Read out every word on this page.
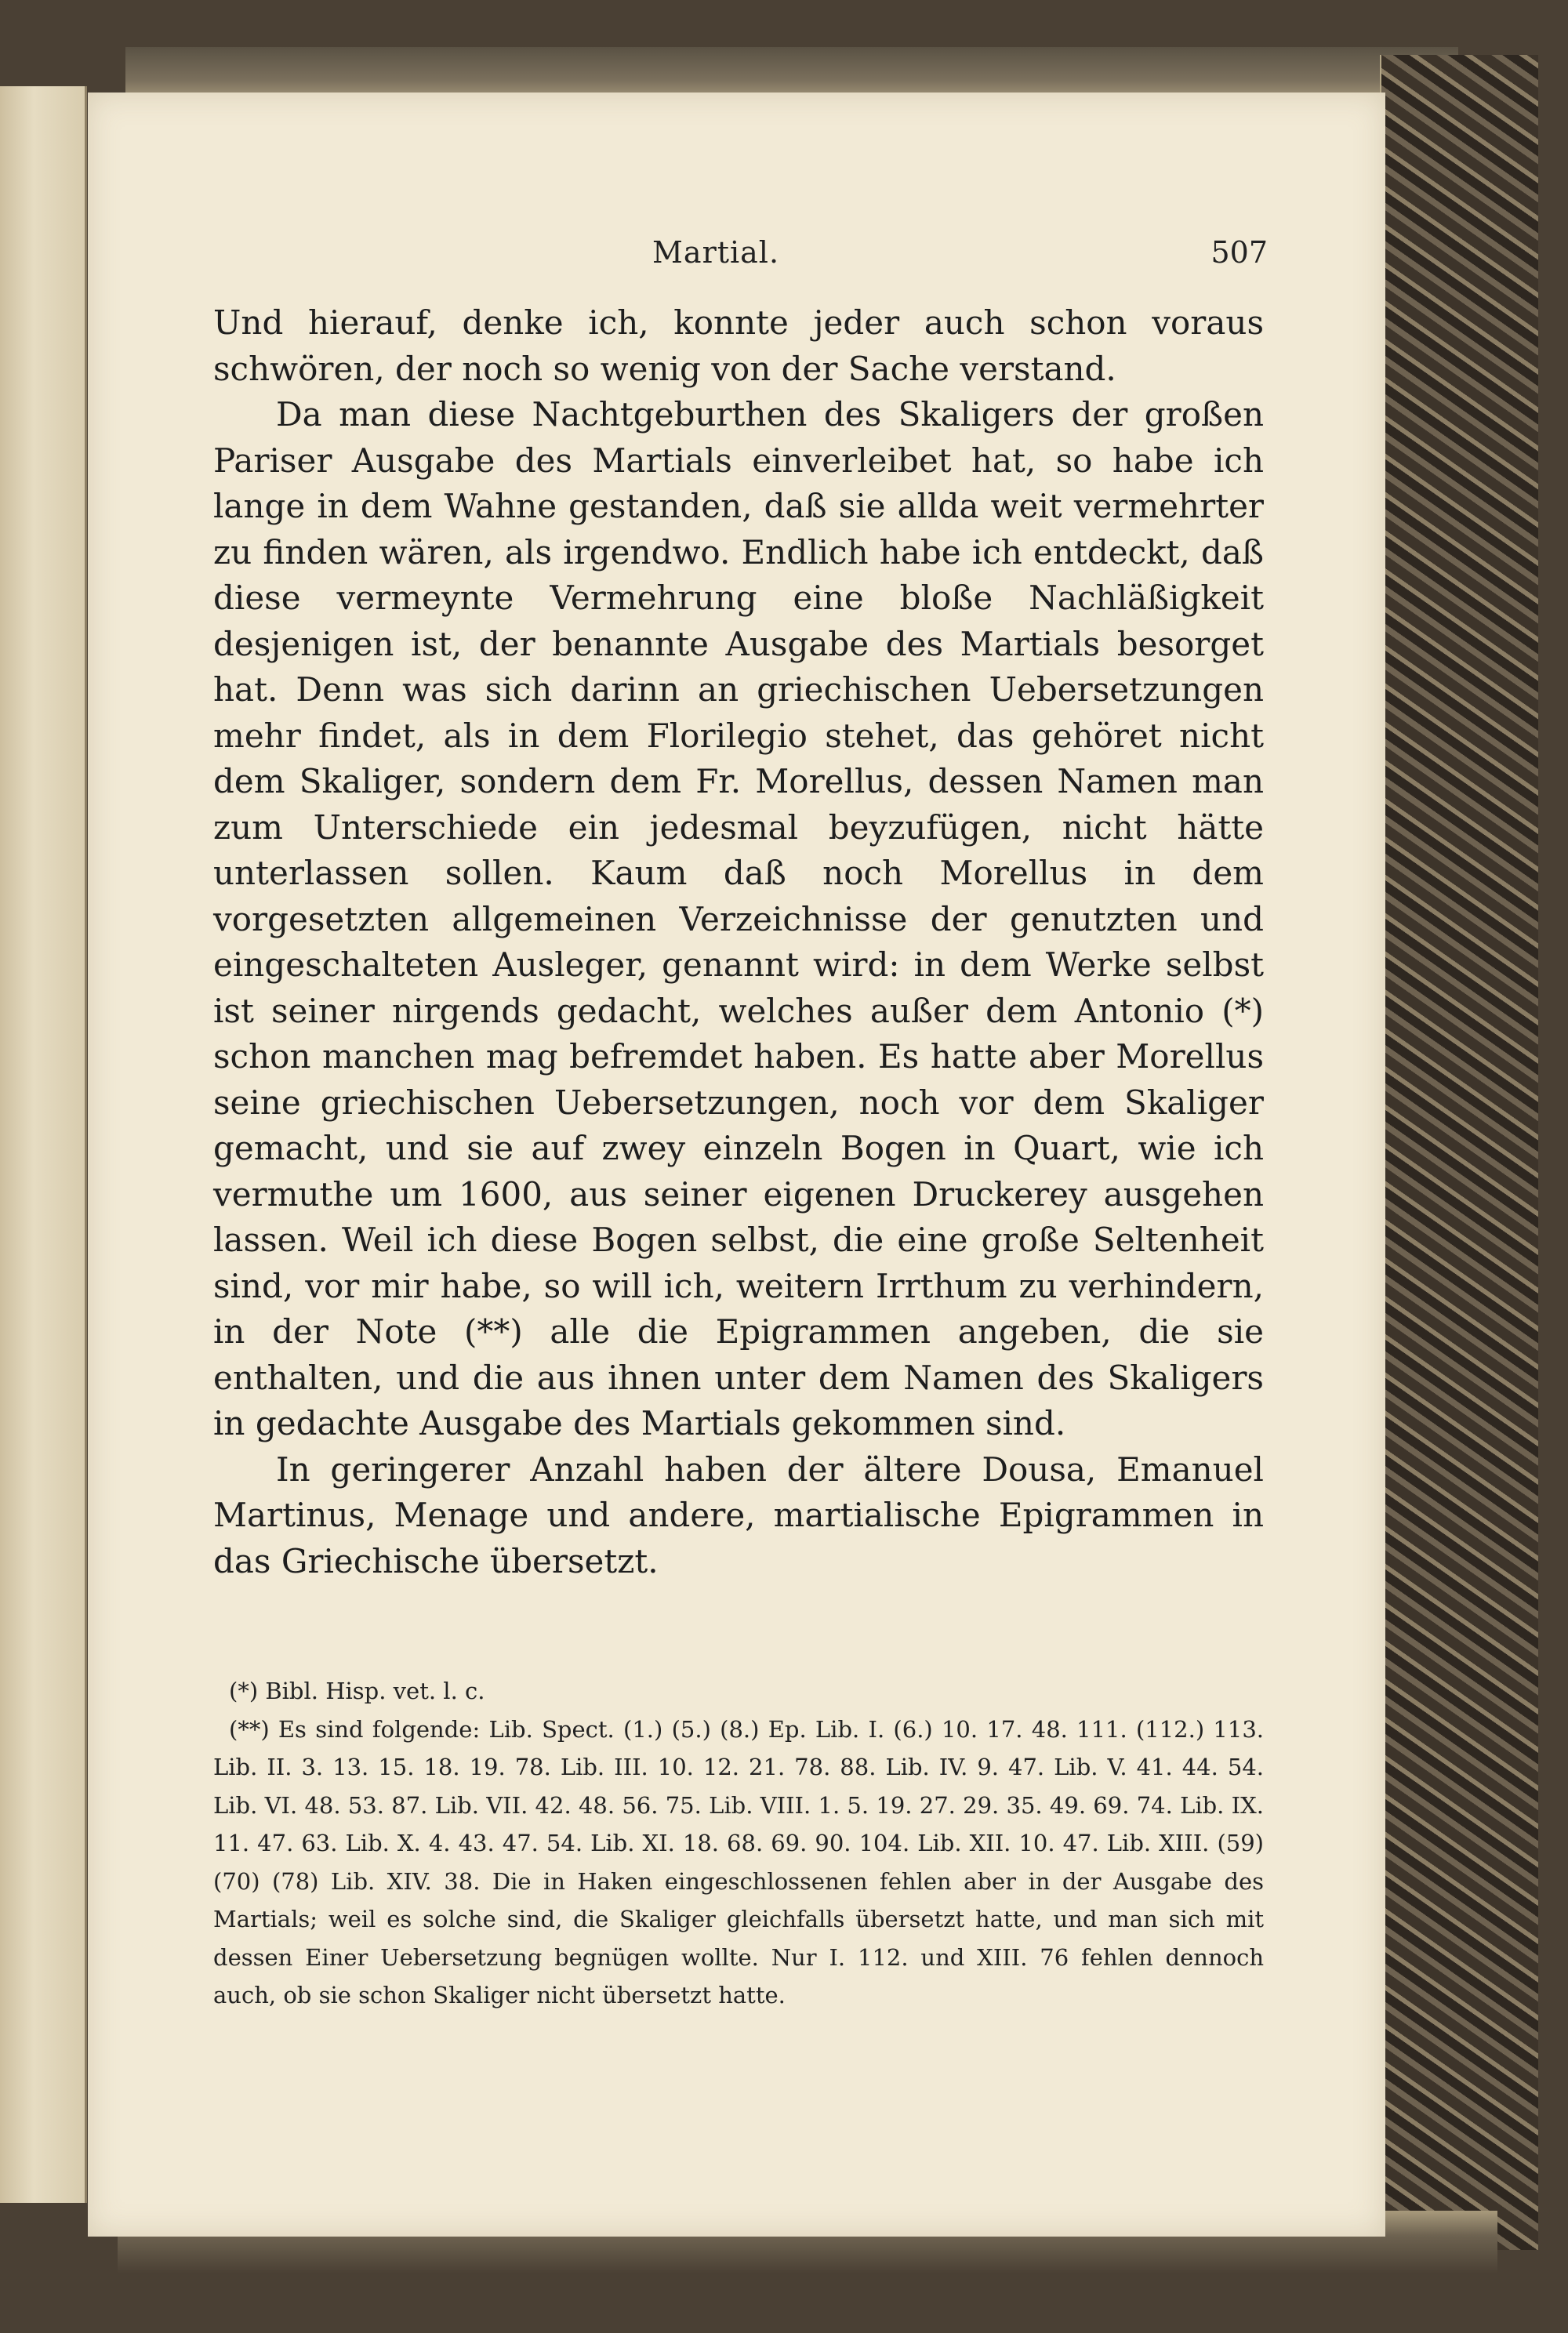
Martial.	507

Und hierauf, denke ich, konnte jeder auch schon voraus schwören, der noch so wenig von der Sache verstand.

Da man diese Nachtgeburthen des Skaligers der großen Pariser Ausgabe des Martials einverleibet hat, so habe ich lange in dem Wahne gestanden, daß sie allda weit vermehrter zu finden wären, als irgendwo. Endlich habe ich entdeckt, daß diese vermeynte Vermehrung eine bloße Nachläßigkeit desjenigen ist, der benannte Ausgabe des Martials besorget hat. Denn was sich darinn an griechischen Uebersetzungen mehr findet, als in dem Florilegio stehet, das gehöret nicht dem Skaliger, sondern dem Fr. Morellus, dessen Namen man zum Unterschiede ein jedesmal beyzufügen, nicht hätte unterlassen sollen. Kaum daß noch Morellus in dem vorgesetzten allgemeinen Verzeichnisse der genutzten und eingeschalteten Ausleger, genannt wird: in dem Werke selbst ist seiner nirgends gedacht, welches außer dem Antonio (*) schon manchen mag befremdet haben. Es hatte aber Morellus seine griechischen Uebersetzungen, noch vor dem Skaliger gemacht, und sie auf zwey einzeln Bogen in Quart, wie ich vermuthe um 1600, aus seiner eigenen Druckerey ausgehen lassen. Weil ich diese Bogen selbst, die eine große Seltenheit sind, vor mir habe, so will ich, weitern Irrthum zu verhindern, in der Note (**) alle die Epigrammen angeben, die sie enthalten, und die aus ihnen unter dem Namen des Skaligers in gedachte Ausgabe des Martials gekommen sind.

In geringerer Anzahl haben der ältere Dousa, Emanuel Martinus, Menage und andere, martialische Epigrammen in das Griechische übersetzt.

(*) Bibl. Hisp. vet. l. c.

(**) Es sind folgende: Lib. Spect. (1.) (5.) (8.) Ep. Lib. I. (6.) 10. 17. 48. 111. (112.) 113. Lib. II. 3. 13. 15. 18. 19. 78. Lib. III. 10. 12. 21. 78. 88. Lib. IV. 9. 47. Lib. V. 41. 44. 54. Lib. VI. 48. 53. 87. Lib. VII. 42. 48. 56. 75. Lib. VIII. 1. 5. 19. 27. 29. 35. 49. 69. 74. Lib. IX. 11. 47. 63. Lib. X. 4. 43. 47. 54. Lib. XI. 18. 68. 69. 90. 104. Lib. XII. 10. 47. Lib. XIII. (59) (70) (78) Lib. XIV. 38. Die in Haken eingeschlossenen fehlen aber in der Ausgabe des Martials; weil es solche sind, die Skaliger gleichfalls übersetzt hatte, und man sich mit dessen Einer Uebersetzung begnügen wollte. Nur I. 112. und XIII. 76 fehlen dennoch auch, ob sie schon Skaliger nicht übersetzt hatte.
